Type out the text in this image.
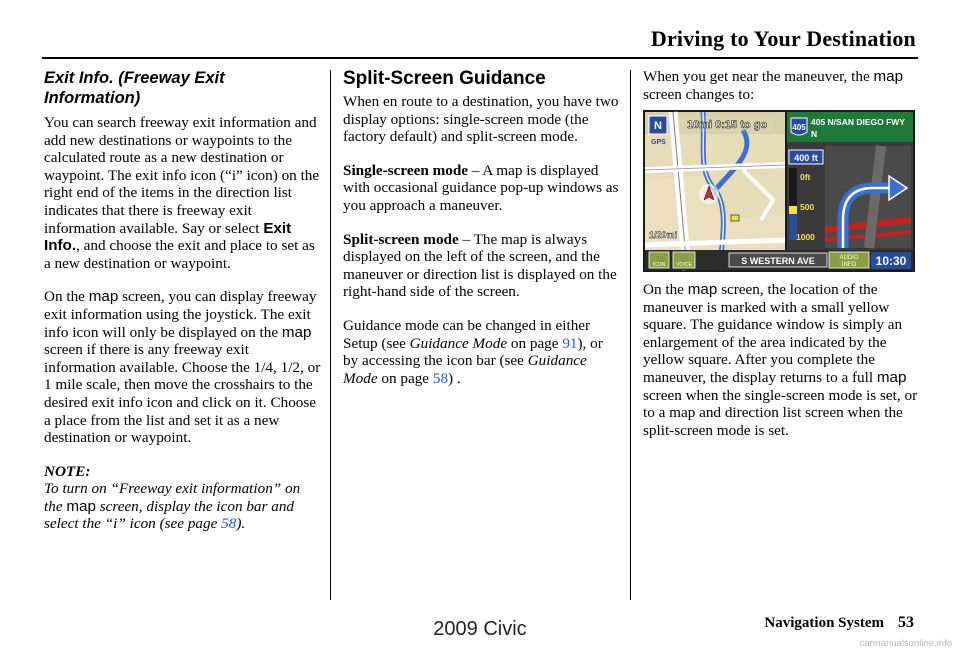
Driving to Your Destination
Exit Info. (Freeway Exit Information)

You can search freeway exit information and add new destinations or waypoints to the calculated route as a new destination or waypoint. The exit info icon (“i” icon) on the right end of the items in the direction list indicates that there is freeway exit information available. Say or select Exit Info., and choose the exit and place to set as a new destination or waypoint.

On the map screen, you can display freeway exit information using the joystick. The exit info icon will only be displayed on the map screen if there is any freeway exit information available. Choose the 1/4, 1/2, or 1 mile scale, then move the crosshairs to the desired exit info icon and click on it. Choose a place from the list and set it as a new destination or waypoint.

NOTE:
To turn on “Freeway exit information” on the map screen, display the icon bar and select the “i” icon (see page 58).

Split-Screen Guidance

When en route to a destination, you have two display options: single-screen mode (the factory default) and split-screen mode.

Single-screen mode – A map is displayed with occasional guidance pop-up windows as you approach a maneuver.

Split-screen mode – The map is always displayed on the left of the screen, and the maneuver or direction list is displayed on the right-hand side of the screen.

Guidance mode can be changed in either Setup (see Guidance Mode on page 91), or by accessing the icon bar (see Guidance Mode on page 58) .

When you get near the maneuver, the map screen changes to:

On the map screen, the location of the maneuver is marked with a small yellow square. The guidance window is simply an enlargement of the area indicated by the yellow square. After you complete the maneuver, the display returns to a full map screen when the single-screen mode is set, or to a map and direction list screen when the split-screen mode is set.

N
GPS
10mi 0:15 to go
1/20mi
405
405 N/SAN DIEGO FWY
N
400 ft
0ft
500
1000
ICON VOICE	S WESTERN AVE	AUDIO
INFO 10:30
Navigation System 53
2009 Civic
carmanualsonline.info
